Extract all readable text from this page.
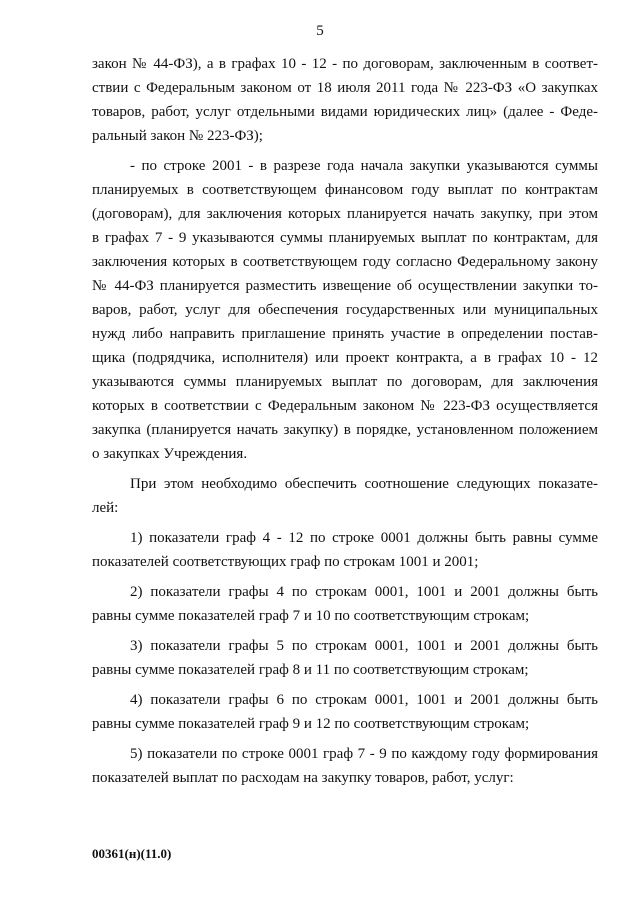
5
закон № 44-ФЗ), а в графах 10 - 12 - по договорам, заключенным в соответ-
ствии с Федеральным законом от 18 июля 2011 года № 223-ФЗ «О закупках
товаров, работ, услуг отдельными видами юридических лиц» (далее - Феде-
ральный закон № 223-ФЗ);
- по строке 2001 - в разрезе года начала закупки указываются суммы
планируемых в соответствующем финансовом году выплат по контрактам
(договорам), для заключения которых планируется начать закупку, при этом
в графах 7 - 9 указываются суммы планируемых выплат по контрактам, для
заключения которых в соответствующем году согласно Федеральному закону
№ 44-ФЗ планируется разместить извещение об осуществлении закупки то-
варов, работ, услуг для обеспечения государственных или муниципальных
нужд либо направить приглашение принять участие в определении постав-
щика (подрядчика, исполнителя) или проект контракта, а в графах 10 - 12
указываются суммы планируемых выплат по договорам, для заключения
которых в соответствии с Федеральным законом № 223-ФЗ осуществляется
закупка (планируется начать закупку) в порядке, установленном положением
о закупках Учреждения.
При этом необходимо обеспечить соотношение следующих показате-
лей:
1) показатели граф 4 - 12 по строке 0001 должны быть равны сумме
показателей соответствующих граф по строкам 1001 и 2001;
2) показатели графы 4 по строкам 0001, 1001 и 2001 должны быть
равны сумме показателей граф 7 и 10 по соответствующим строкам;
3) показатели графы 5 по строкам 0001, 1001 и 2001 должны быть
равны сумме показателей граф 8 и 11 по соответствующим строкам;
4) показатели графы 6 по строкам 0001, 1001 и 2001 должны быть
равны сумме показателей граф 9 и 12 по соответствующим строкам;
5) показатели по строке 0001 граф 7 - 9 по каждому году формирования
показателей выплат по расходам на закупку товаров, работ, услуг:
00361(н)(11.0)
